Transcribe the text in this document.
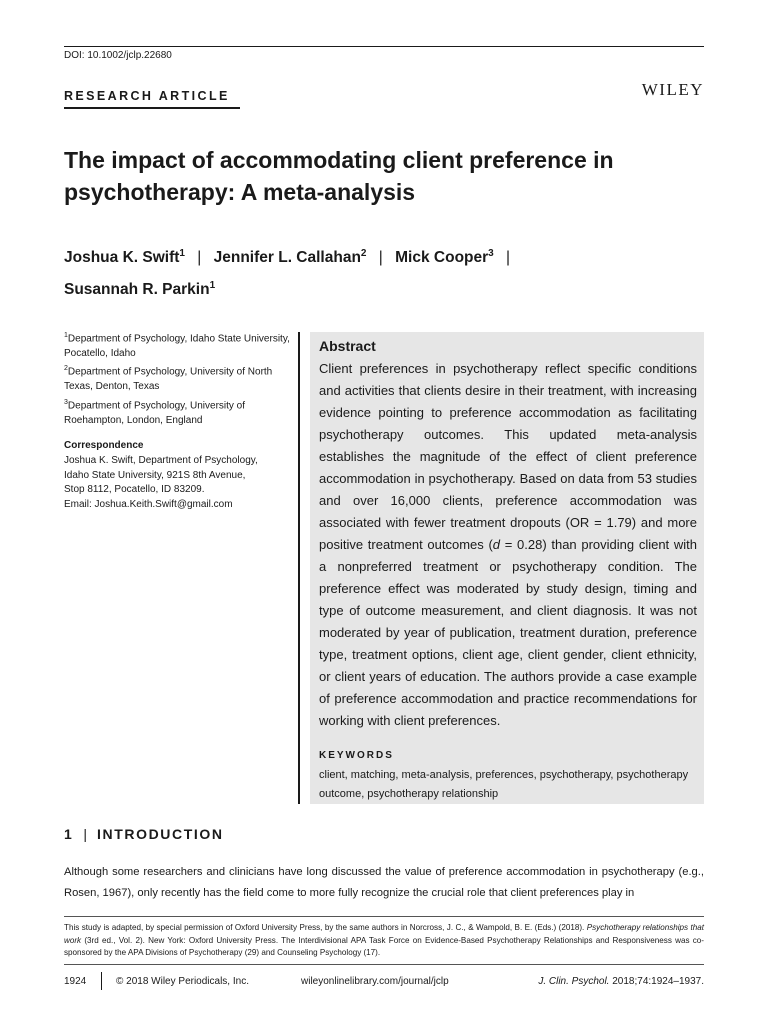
DOI: 10.1002/jclp.22680
RESEARCH ARTICLE	WILEY
The impact of accommodating client preference in psychotherapy: A meta-analysis
Joshua K. Swift$^1$ | Jennifer L. Callahan$^2$ | Mick Cooper$^3$ |
Susannah R. Parkin$^1$
$^1$Department of Psychology, Idaho State University, Pocatello, Idaho
$^2$Department of Psychology, University of North Texas, Denton, Texas
$^3$Department of Psychology, University of Roehampton, London, England
Correspondence
Joshua K. Swift, Department of Psychology,
Idaho State University, 921S 8th Avenue,
Stop 8112, Pocatello, ID 83209.
Email: Joshua.Keith.Swift@gmail.com
Abstract

Client preferences in psychotherapy reflect specific conditions and activities that clients desire in their treatment, with increasing evidence pointing to preference accommodation as facilitating psychotherapy outcomes. This updated meta-analysis establishes the magnitude of the effect of client preference accommodation in psychotherapy. Based on data from 53 studies and over 16,000 clients, preference accommodation was associated with fewer treatment dropouts (OR = 1.79) and more positive treatment outcomes (d = 0.28) than providing client with a nonpreferred treatment or psychotherapy condition. The preference effect was moderated by study design, timing and type of outcome measurement, and client diagnosis. It was not moderated by year of publication, treatment duration, preference type, treatment options, client age, client gender, client ethnicity, or client years of education. The authors provide a case example of preference accommodation and practice recommendations for working with client preferences.

KEYWORDS
client, matching, meta-analysis, preferences, psychotherapy, psychotherapy outcome, psychotherapy relationship
1 | INTRODUCTION

Although some researchers and clinicians have long discussed the value of preference accommodation in psychotherapy (e.g., Rosen, 1967), only recently has the field come to more fully recognize the crucial role that client preferences play in

This study is adapted, by special permission of Oxford University Press, by the same authors in Norcross, J. C., & Wampold, B. E. (Eds.) (2018). Psychotherapy relationships that work (3rd ed., Vol. 2). New York: Oxford University Press. The Interdivisional APA Task Force on Evidence-Based Psychotherapy Relationships and Responsiveness was co-sponsored by the APA Divisions of Psychotherapy (29) and Counseling Psychology (17).

1924	© 2018 Wiley Periodicals, Inc.	wileyonlinelibrary.com/journal/jclp	J. Clin. Psychol. 2018;74:1924–1937.
